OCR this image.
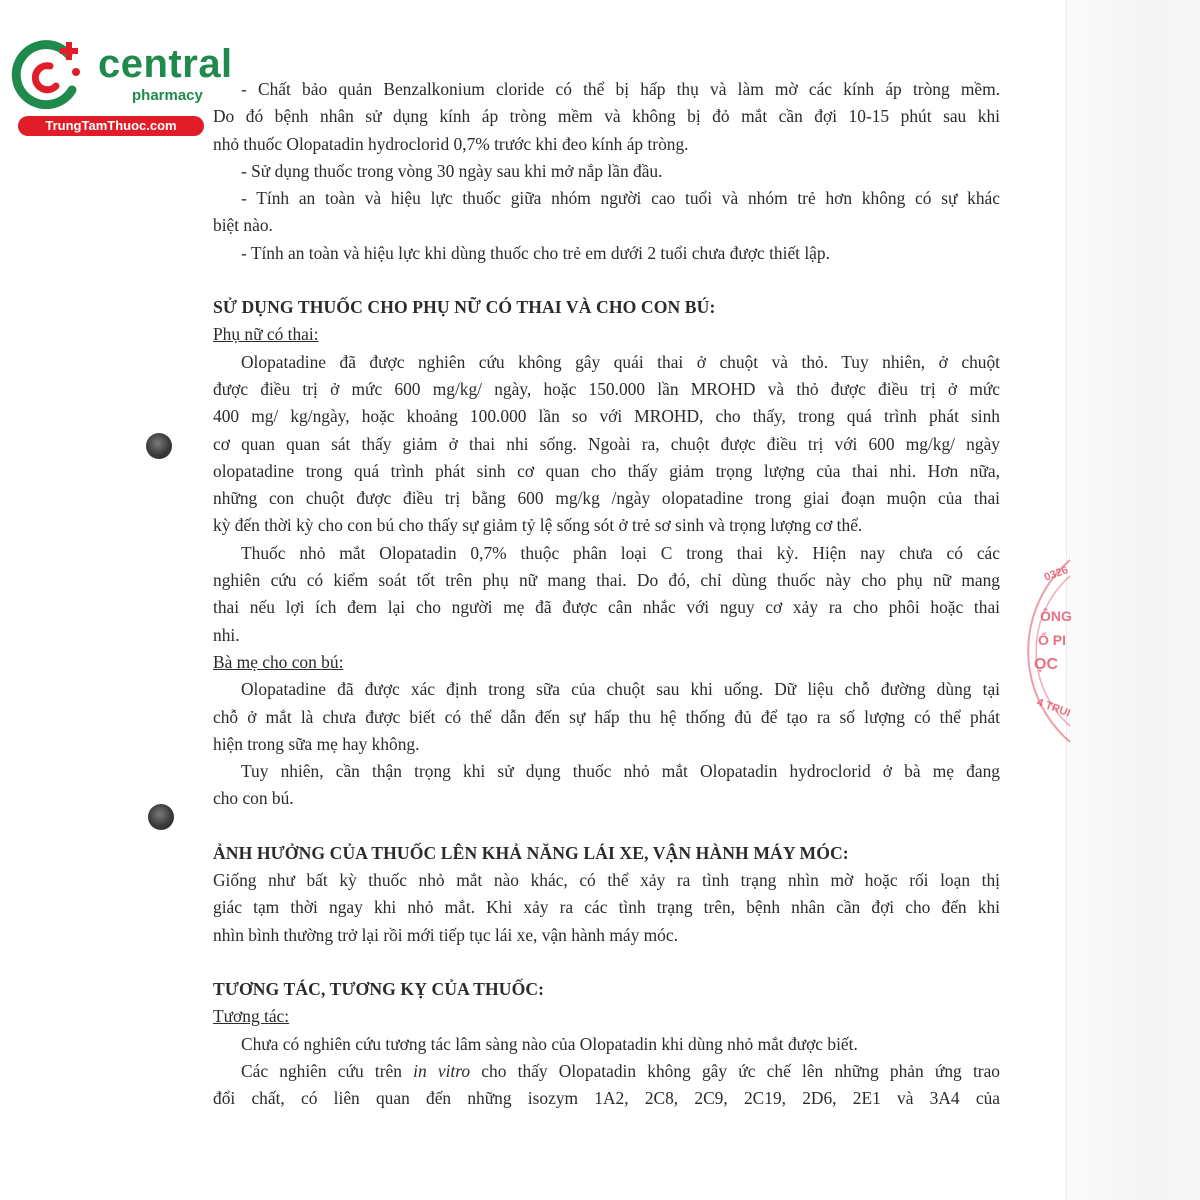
central
pharmacy
TrungTamThuoc.com
0326
ÔNG
Ổ PI
ỌC
4 TRUI
- Chất bảo quản Benzalkonium cloride có thể bị hấp thụ và làm mờ các kính áp tròng mềm.
Do đó bệnh nhân sử dụng kính áp tròng mềm và không bị đỏ mắt cần đợi 10-15 phút sau khi
nhỏ thuốc Olopatadin hydroclorid 0,7% trước khi đeo kính áp tròng.
- Sử dụng thuốc trong vòng 30 ngày sau khi mở nắp lần đầu.
- Tính an toàn và hiệu lực thuốc giữa nhóm người cao tuổi và nhóm trẻ hơn không có sự khác
biệt nào.
- Tính an toàn và hiệu lực khi dùng thuốc cho trẻ em dưới 2 tuổi chưa được thiết lập.
SỬ DỤNG THUỐC CHO PHỤ NỮ CÓ THAI VÀ CHO CON BÚ:
Phụ nữ có thai:
Olopatadine đã được nghiên cứu không gây quái thai ở chuột và thỏ. Tuy nhiên, ở chuột
được điều trị ở mức 600 mg/kg/ ngày, hoặc 150.000 lần MROHD và thỏ được điều trị ở mức
400 mg/ kg/ngày, hoặc khoảng 100.000 lần so với MROHD, cho thấy, trong quá trình phát sinh
cơ quan quan sát thấy giảm ở thai nhi sống. Ngoài ra, chuột được điều trị với 600 mg/kg/ ngày
olopatadine trong quá trình phát sinh cơ quan cho thấy giảm trọng lượng của thai nhi. Hơn nữa,
những con chuột được điều trị bằng 600 mg/kg /ngày olopatadine trong giai đoạn muộn của thai
kỳ đến thời kỳ cho con bú cho thấy sự giảm tỷ lệ sống sót ở trẻ sơ sinh và trọng lượng cơ thể.
Thuốc nhỏ mắt Olopatadin 0,7% thuộc phân loại C trong thai kỳ. Hiện nay chưa có các
nghiên cứu có kiểm soát tốt trên phụ nữ mang thai. Do đó, chỉ dùng thuốc này cho phụ nữ mang
thai nếu lợi ích đem lại cho người mẹ đã được cân nhắc với nguy cơ xảy ra cho phôi hoặc thai
nhi.
Bà mẹ cho con bú:
Olopatadine đã được xác định trong sữa của chuột sau khi uống. Dữ liệu chỗ đường dùng tại
chỗ ở mắt là chưa được biết có thể dẫn đến sự hấp thu hệ thống đủ để tạo ra số lượng có thể phát
hiện trong sữa mẹ hay không.
Tuy nhiên, cần thận trọng khi sử dụng thuốc nhỏ mắt Olopatadin hydroclorid ở bà mẹ đang
cho con bú.
ẢNH HƯỞNG CỦA THUỐC LÊN KHẢ NĂNG LÁI XE, VẬN HÀNH MÁY MÓC:
Giống như bất kỳ thuốc nhỏ mắt nào khác, có thể xảy ra tình trạng nhìn mờ hoặc rối loạn thị
giác tạm thời ngay khi nhỏ mắt. Khi xảy ra các tình trạng trên, bệnh nhân cần đợi cho đến khi
nhìn bình thường trở lại rồi mới tiếp tục lái xe, vận hành máy móc.
TƯƠNG TÁC, TƯƠNG KỴ CỦA THUỐC:
Tương tác:
Chưa có nghiên cứu tương tác lâm sàng nào của Olopatadin khi dùng nhỏ mắt được biết.
Các nghiên cứu trên in vitro cho thấy Olopatadin không gây ức chế lên những phản ứng trao
đổi chất, có liên quan đến những isozym 1A2, 2C8, 2C9, 2C19, 2D6, 2E1 và 3A4 của
